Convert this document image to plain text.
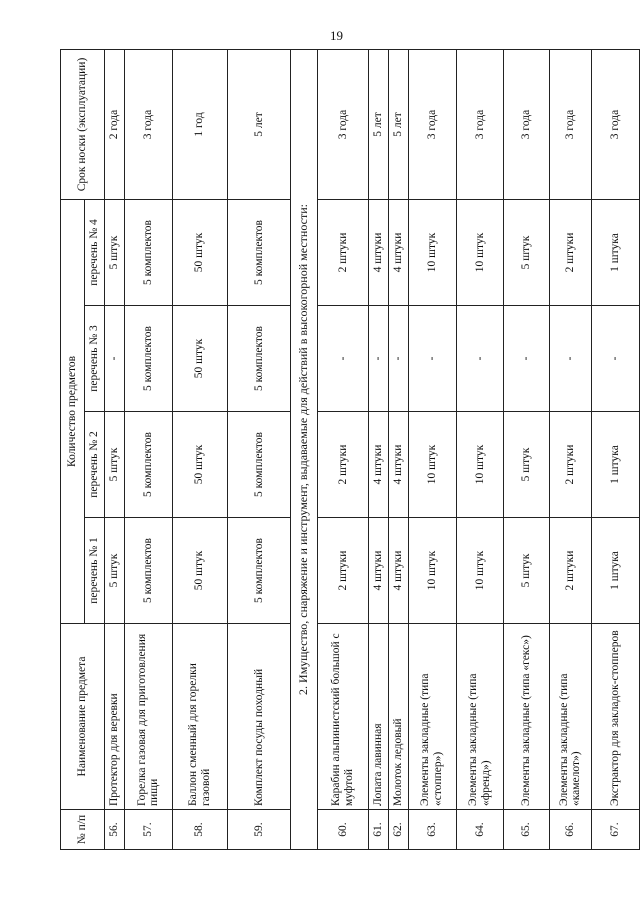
19
№ п/п	Наименование предмета	Количество предметов				Срок носки (эксплуатации)
		перечень № 1	перечень № 2	перечень № 3	перечень № 4	
56.	Протектор для веревки	5 штук	5 штук	-	5 штук	2 года
57.	Горелка газовая для приготовления пищи	5 комплектов	5 комплектов	5 комплектов	5 комплектов	3 года
58.	Баллон сменный для горелки газовой	50 штук	50 штук	50 штук	50 штук	1 год
59.	Комплект посуды походный	5 комплектов	5 комплектов	5 комплектов	5 комплектов	5 лет
2. Имущество, снаряжение и инструмент, выдаваемые для действий в высокогорной местности:						
60.	Карабин альпинистский большой с муфтой	2 штуки	2 штуки	-	2 штуки	3 года
61.	Лопата лавинная	4 штуки	4 штуки	-	4 штуки	5 лет
62.	Молоток ледовый	4 штуки	4 штуки	-	4 штуки	5 лет
63.	Элементы закладные (типа «стоппер»)	10 штук	10 штук	-	10 штук	3 года
64.	Элементы закладные (типа «френд»)	10 штук	10 штук	-	10 штук	3 года
65.	Элементы закладные (типа «гекс»)	5 штук	5 штук	-	5 штук	3 года
66.	Элементы закладные (типа «камелот»)	2 штуки	2 штуки	-	2 штуки	3 года
67.	Экстрактор для закладок-стопперов	1 штука	1 штука	-	1 штука	3 года
